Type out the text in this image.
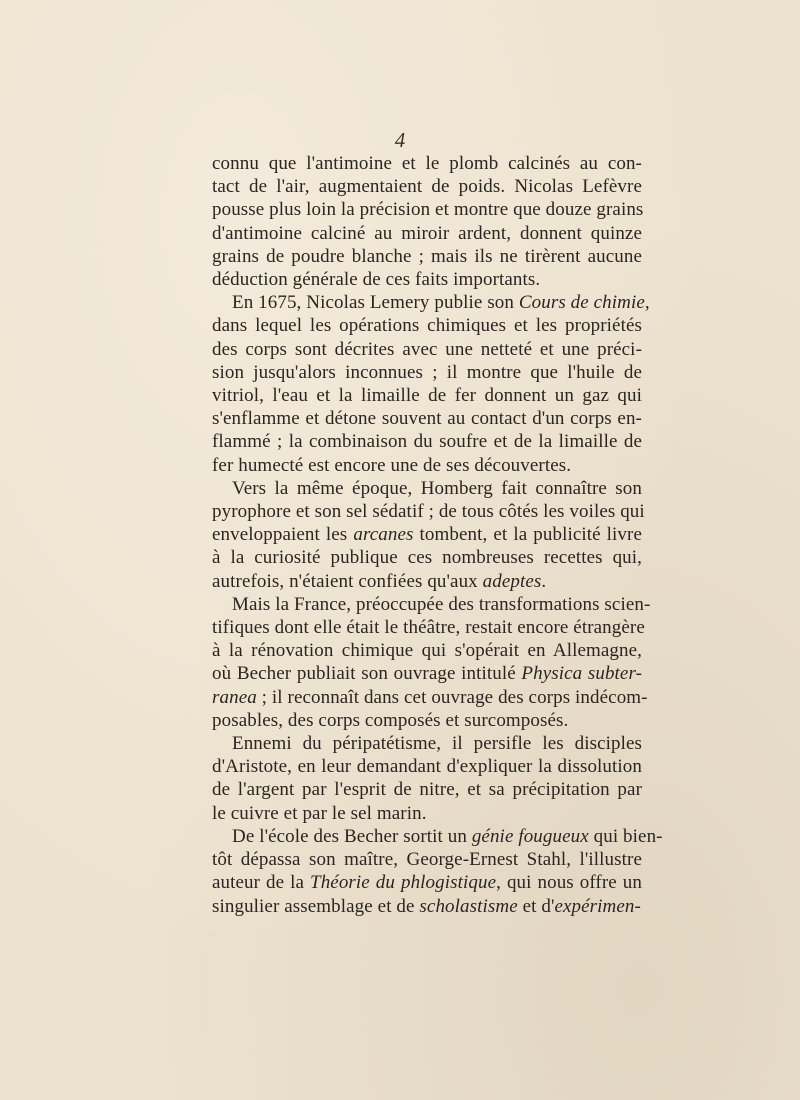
4
connu que l'antimoine et le plomb calcinés au con-
tact de l'air, augmentaient de poids. Nicolas Lefèvre
pousse plus loin la précision et montre que douze grains
d'antimoine calciné au miroir ardent, donnent quinze
grains de poudre blanche ; mais ils ne tirèrent aucune
déduction générale de ces faits importants.
En 1675, Nicolas Lemery publie son Cours de chimie,
dans lequel les opérations chimiques et les propriétés
des corps sont décrites avec une netteté et une préci-
sion jusqu'alors inconnues ; il montre que l'huile de
vitriol, l'eau et la limaille de fer donnent un gaz qui
s'enflamme et détone souvent au contact d'un corps en-
flammé ; la combinaison du soufre et de la limaille de
fer humecté est encore une de ses découvertes.
Vers la même époque, Homberg fait connaître son
pyrophore et son sel sédatif ; de tous côtés les voiles qui
enveloppaient les arcanes tombent, et la publicité livre
à la curiosité publique ces nombreuses recettes qui,
autrefois, n'étaient confiées qu'aux adeptes.
Mais la France, préoccupée des transformations scien-
tifiques dont elle était le théâtre, restait encore étrangère
à la rénovation chimique qui s'opérait en Allemagne,
où Becher publiait son ouvrage intitulé Physica subter-
ranea ; il reconnaît dans cet ouvrage des corps indécom-
posables, des corps composés et surcomposés.
Ennemi du péripatétisme, il persifle les disciples
d'Aristote, en leur demandant d'expliquer la dissolution
de l'argent par l'esprit de nitre, et sa précipitation par
le cuivre et par le sel marin.
De l'école des Becher sortit un génie fougueux qui bien-
tôt dépassa son maître, George-Ernest Stahl, l'illustre
auteur de la Théorie du phlogistique, qui nous offre un
singulier assemblage et de scholastisme et d'expérimen-
